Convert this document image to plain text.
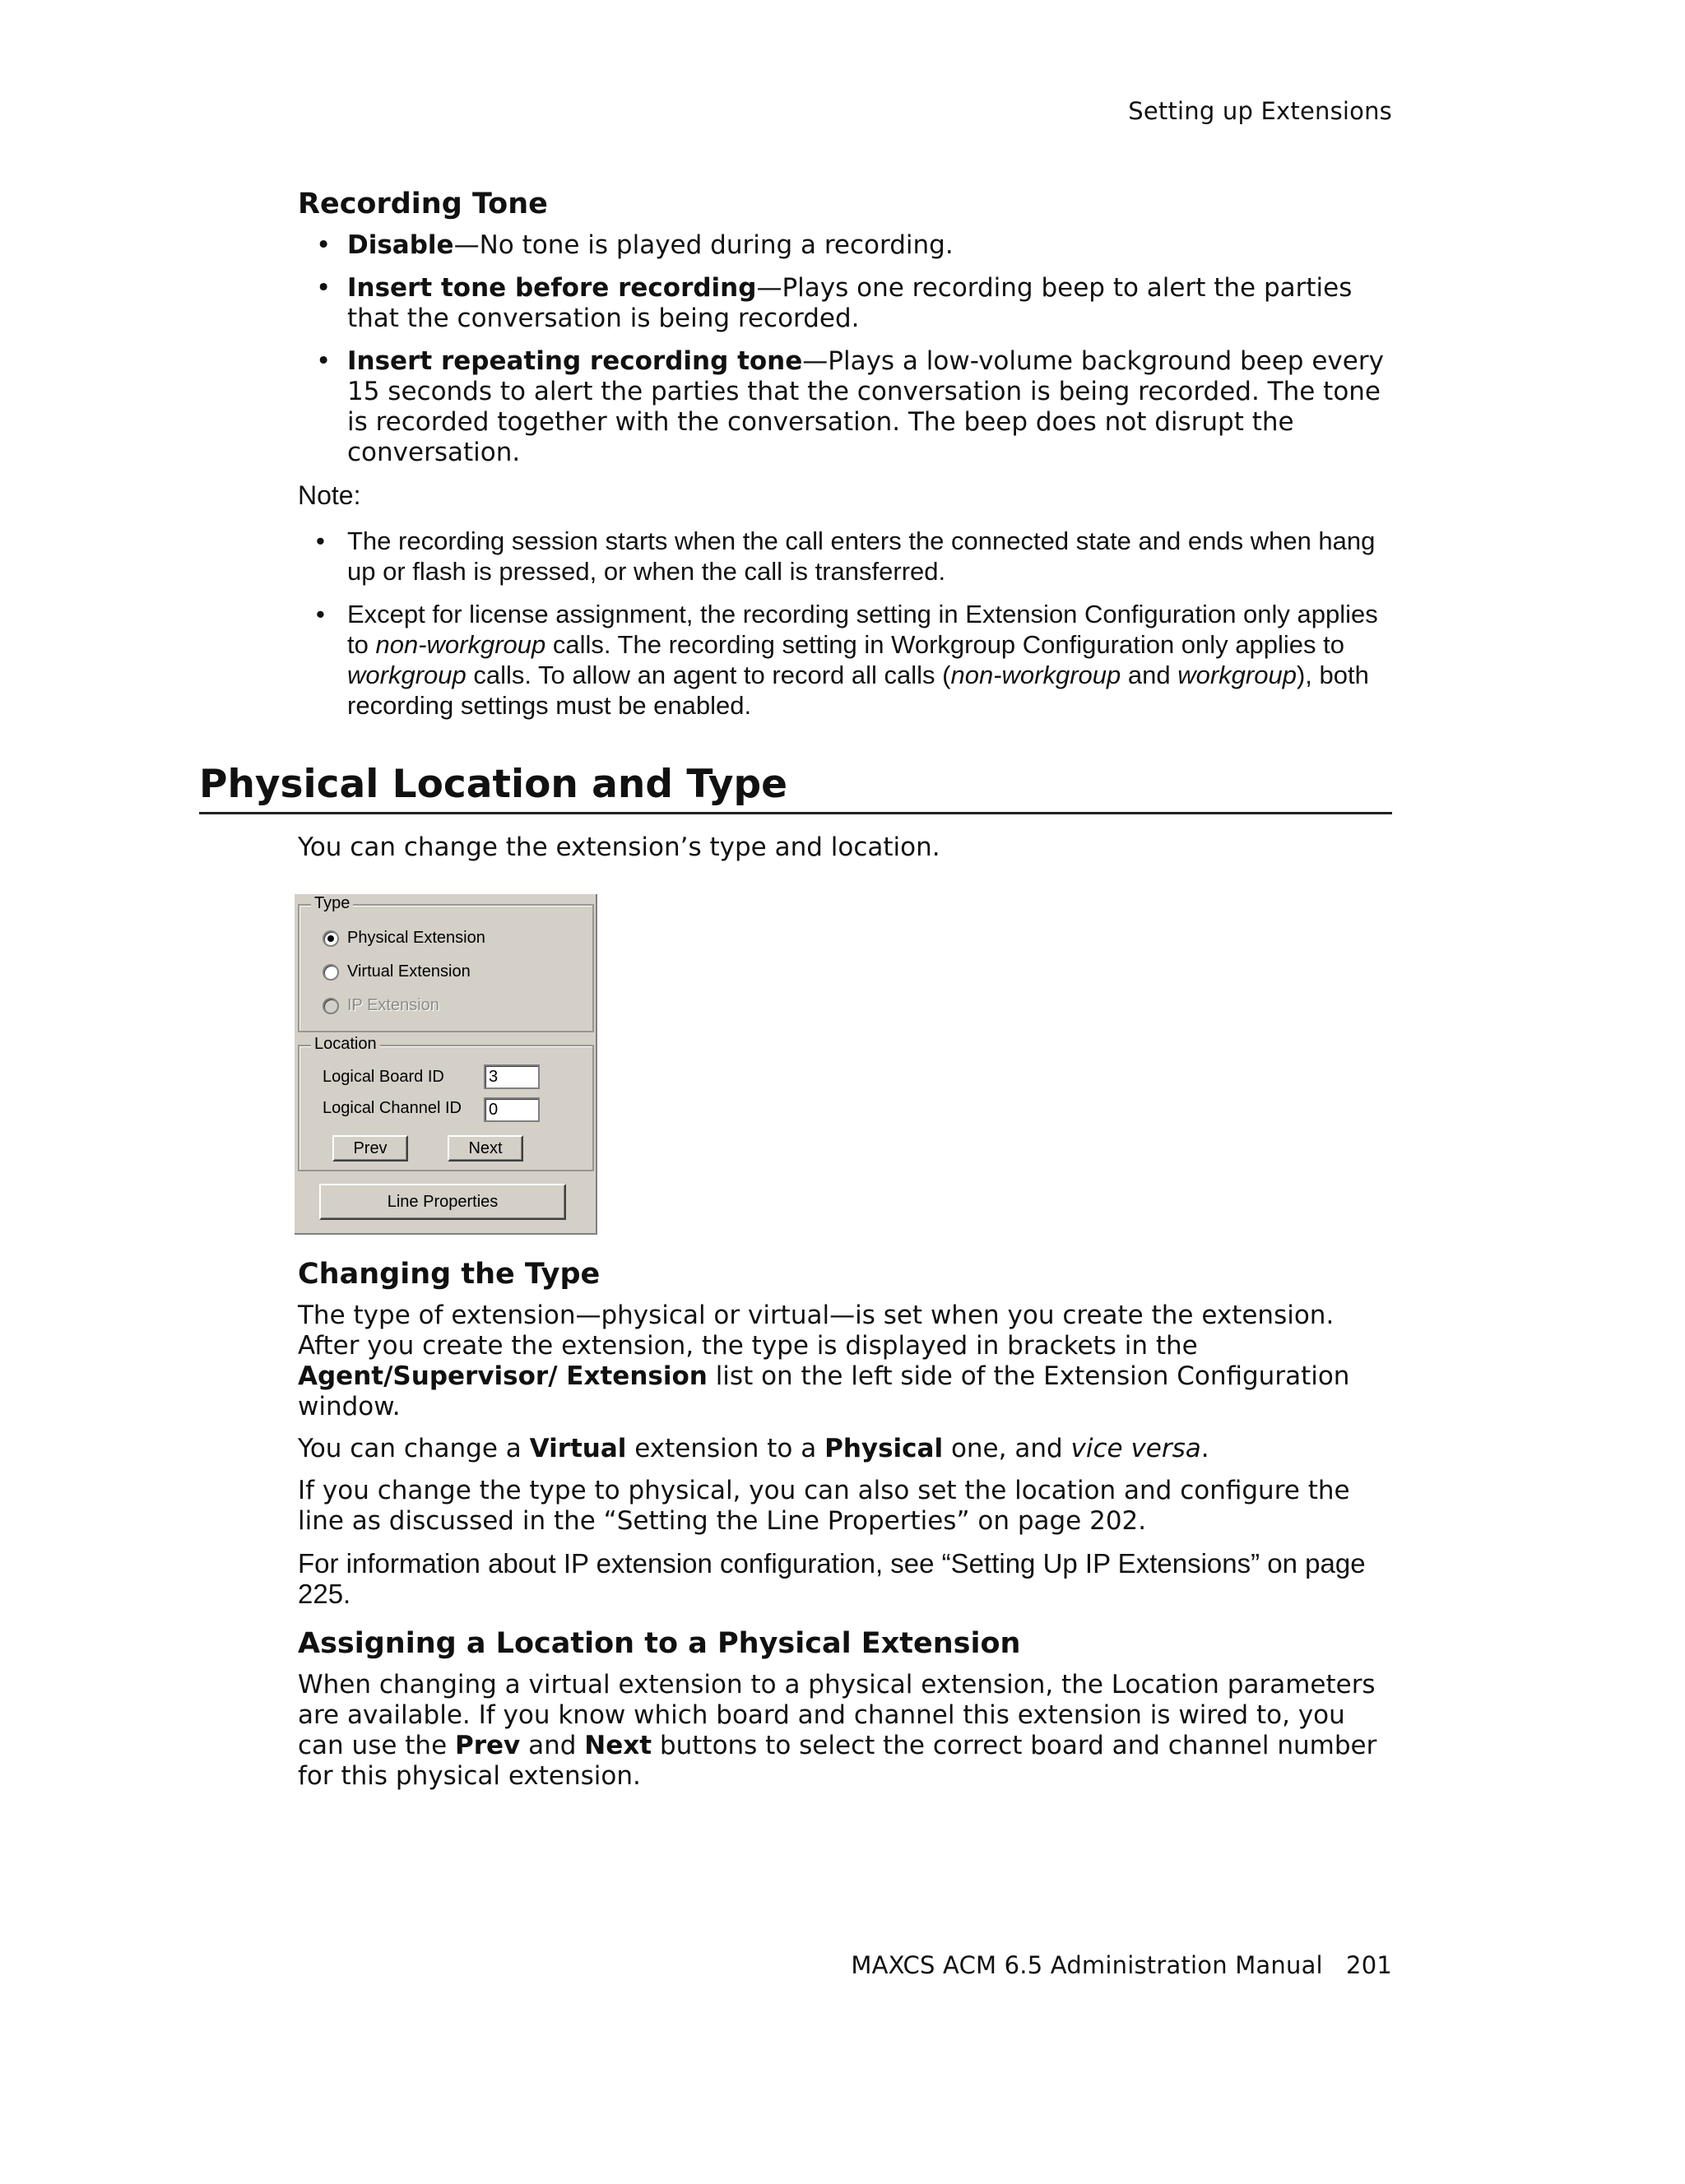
Setting up Extensions
Recording Tone
• Disable—No tone is played during a recording.
• Insert tone before recording—Plays one recording beep to alert the parties that the conversation is being recorded.
• Insert repeating recording tone—Plays a low-volume background beep every 15 seconds to alert the parties that the conversation is being recorded. The tone is recorded together with the conversation. The beep does not disrupt the conversation.
Note:
• The recording session starts when the call enters the connected state and ends when hang up or flash is pressed, or when the call is transferred.
• Except for license assignment, the recording setting in Extension Configuration only applies to non-workgroup calls. The recording setting in Workgroup Configuration only applies to workgroup calls. To allow an agent to record all calls (non-workgroup and workgroup), both recording settings must be enabled.
Physical Location and Type

You can change the extension’s type and location.

Type
Physical Extension
Virtual Extension
IP Extension
Location
Logical Board ID	3
Logical Channel ID	0
Prev	Next
Line Properties
Changing the Type

The type of extension—physical or virtual—is set when you create the extension. After you create the extension, the type is displayed in brackets in the Agent/Supervisor/ Extension list on the left side of the Extension Configuration window.

You can change a Virtual extension to a Physical one, and vice versa.

If you change the type to physical, you can also set the location and configure the line as discussed in the “Setting the Line Properties” on page 202.

For information about IP extension configuration, see “Setting Up IP Extensions” on page 225.

Assigning a Location to a Physical Extension

When changing a virtual extension to a physical extension, the Location parameters are available. If you know which board and channel this extension is wired to, you can use the Prev and Next buttons to select the correct board and channel number for this physical extension.

MAXCS ACM 6.5 Administration Manual   201
